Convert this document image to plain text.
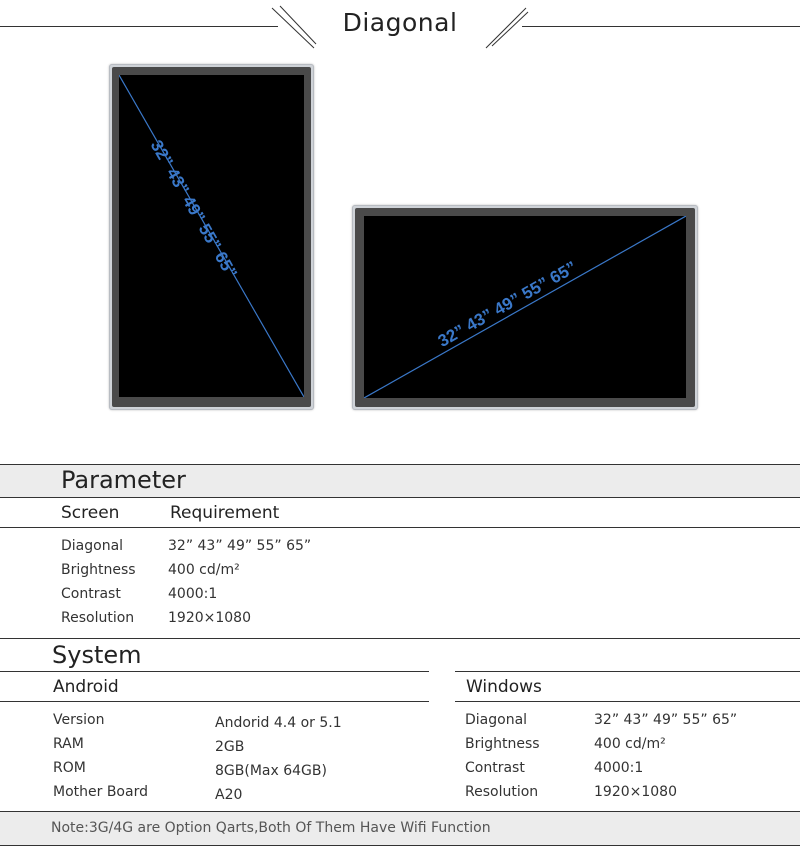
Diagonal
32” 43” 49” 55” 65”
32” 43” 49” 55” 65”
Parameter
Screen	Requirement
Diagonal	32” 43” 49” 55” 65”
Brightness 400 cd/m²
Contrast	4000:1
Resolution 1920×1080
System
Android	Windows
Version	Andorid 4.4 or 5.1
RAM	2GB
ROM	8GB(Max 64GB)
Mother Board	A20
Diagonal	32” 43” 49” 55” 65”
Brightness	400 cd/m²
Contrast	4000:1
Resolution	1920×1080
Note:3G/4G are Option Qarts,Both Of Them Have Wifi Function
